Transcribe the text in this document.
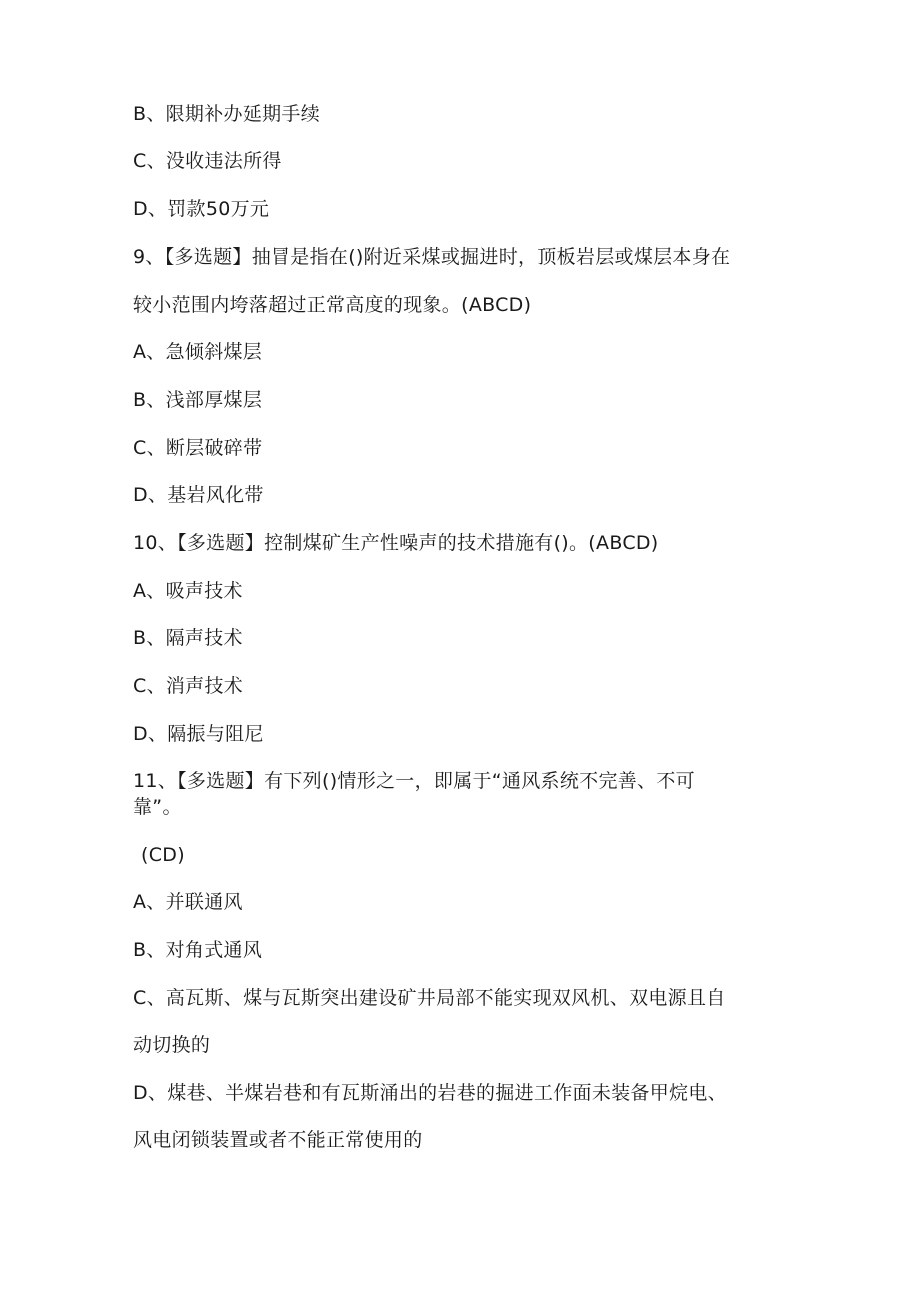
B、限期补办延期手续
C、没收违法所得
D、罚款50万元
9、【多选题】抽冒是指在()附近采煤或掘进时，顶板岩层或煤层本身在
较小范围内垮落超过正常高度的现象。(ABCD)
A、急倾斜煤层
B、浅部厚煤层
C、断层破碎带
D、基岩风化带
10、【多选题】控制煤矿生产性噪声的技术措施有()。(ABCD)
A、吸声技术
B、隔声技术
C、消声技术
D、隔振与阻尼
11、【多选题】有下列()情形之一，即属于“通风系统不完善、不可
靠”。
(CD)
A、并联通风
B、对角式通风
C、高瓦斯、煤与瓦斯突出建设矿井局部不能实现双风机、双电源且自
动切换的
D、煤巷、半煤岩巷和有瓦斯涌出的岩巷的掘进工作面未装备甲烷电、
风电闭锁装置或者不能正常使用的
